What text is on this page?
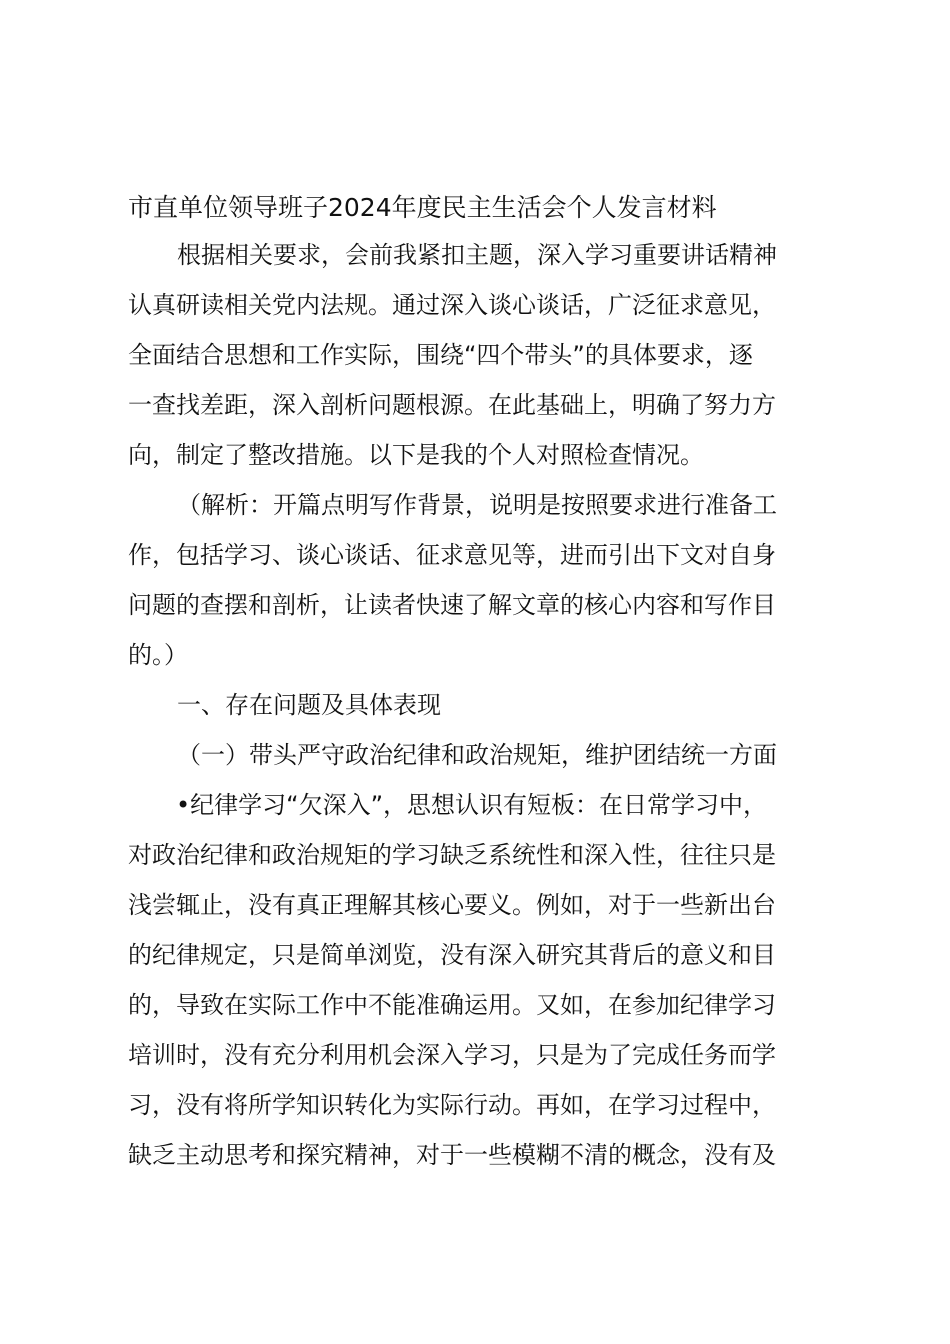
市直单位领导班子2024年度民主生活会个人发言材料
根据相关要求，会前我紧扣主题，深入学习重要讲话精神
认真研读相关党内法规。通过深入谈心谈话，广泛征求意见，
全面结合思想和工作实际，围绕“四个带头”的具体要求，逐
一查找差距，深入剖析问题根源。在此基础上，明确了努力方
向，制定了整改措施。以下是我的个人对照检查情况。
（解析：开篇点明写作背景，说明是按照要求进行准备工
作，包括学习、谈心谈话、征求意见等，进而引出下文对自身
问题的查摆和剖析，让读者快速了解文章的核心内容和写作目
的。）
一、存在问题及具体表现
（一）带头严守政治纪律和政治规矩，维护团结统一方面
•纪律学习“欠深入”，思想认识有短板：在日常学习中，
对政治纪律和政治规矩的学习缺乏系统性和深入性，往往只是
浅尝辄止，没有真正理解其核心要义。例如，对于一些新出台
的纪律规定，只是简单浏览，没有深入研究其背后的意义和目
的，导致在实际工作中不能准确运用。又如，在参加纪律学习
培训时，没有充分利用机会深入学习，只是为了完成任务而学
习，没有将所学知识转化为实际行动。再如，在学习过程中，
缺乏主动思考和探究精神，对于一些模糊不清的概念，没有及
